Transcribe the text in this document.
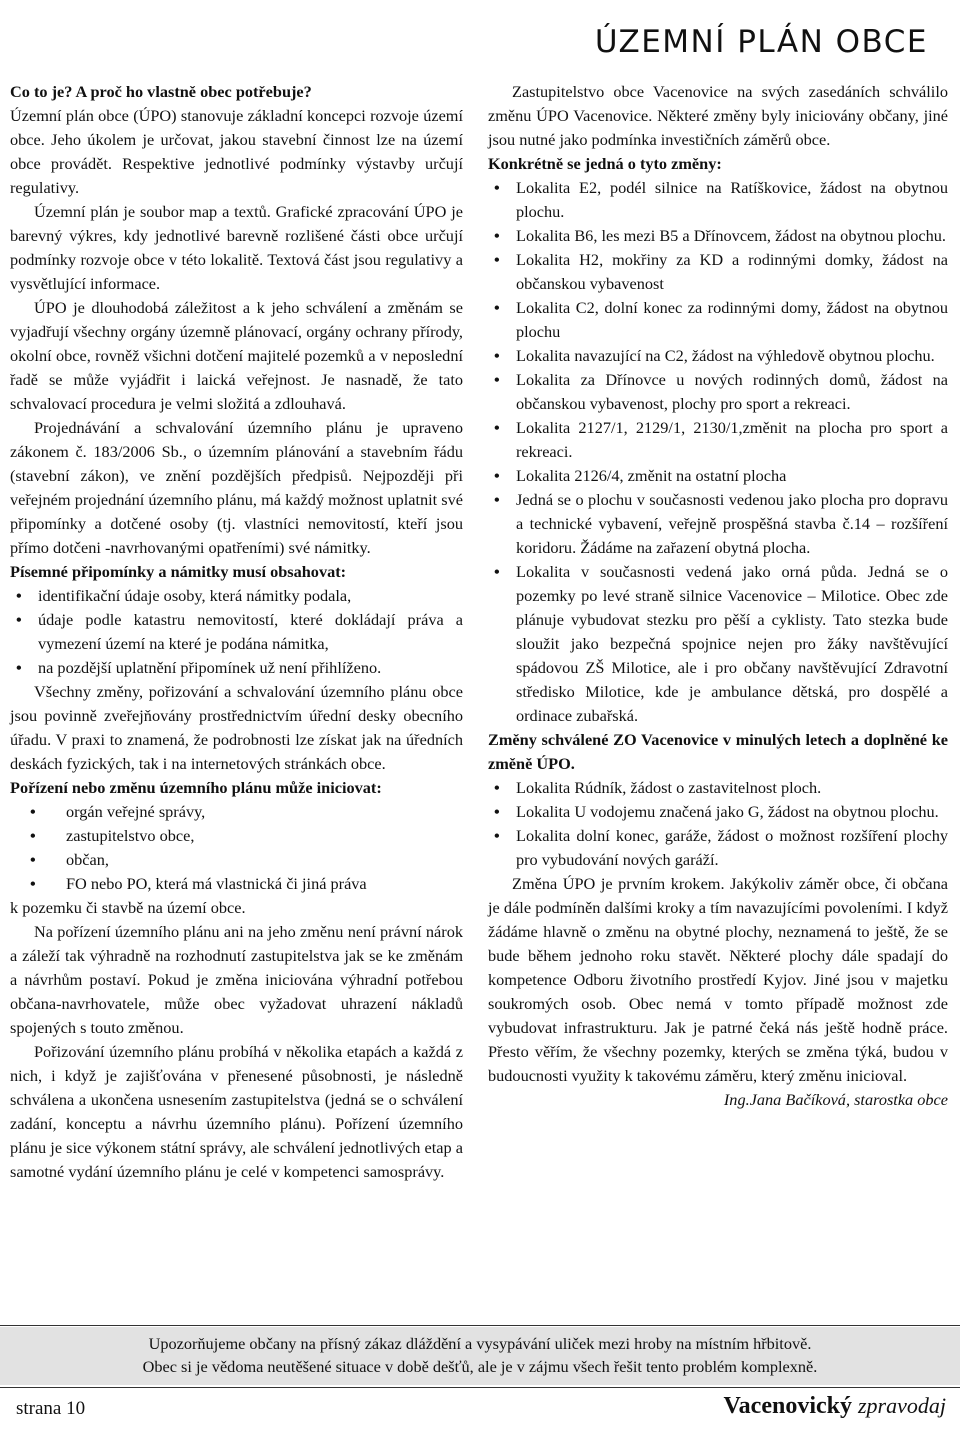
ÚZEMNÍ PLÁN OBCE

Co to je? A proč ho vlastně obec potřebuje?

Územní plán obce (ÚPO) stanovuje základní koncepci rozvoje území obce. Jeho úkolem je určovat, jakou stavební činnost lze na území obce provádět. Respektive jednotlivé podmínky výstavby určují regulativy.

Územní plán je soubor map a textů. Grafické zpracování ÚPO je barevný výkres, kdy jednotlivé barevně rozlišené části obce určují podmínky rozvoje obce v této lokalitě. Textová část jsou regulativy a vysvětlující informace.

ÚPO je dlouhodobá záležitost a k jeho schválení a změnám se vyjadřují všechny orgány územně plánovací, orgány ochrany přírody, okolní obce, rovněž všichni dotčení majitelé pozemků a v neposlední řadě se může vyjádřit i laická veřejnost. Je nasnadě, že tato schvalovací procedura je velmi složitá a zdlouhavá.

Projednávání a schvalování územního plánu je upraveno zákonem č. 183/2006 Sb., o územním plánování a stavebním řádu (stavební zákon), ve znění pozdějších předpisů. Nejpozději při veřejném projednání územního plánu, má každý možnost uplatnit své připomínky a dotčené osoby (tj. vlastníci nemovitostí, kteří jsou přímo dotčeni -navrhovanými opatřeními) své námitky.

Písemné připomínky a námitky musí obsahovat:

• identifikační údaje osoby, která námitky podala,
• údaje podle katastru nemovitostí, které dokládají práva a vymezení území na které je podána námitka,
• na pozdější uplatnění připomínek už není přihlíženo.

Všechny změny, pořizování a schvalování územního plánu obce jsou povinně zveřejňovány prostřednictvím úřední desky obecního úřadu. V praxi to znamená, že podrobnosti lze získat jak na úředních deskách fyzických, tak i na internetových stránkách obce.

Pořízení nebo změnu územního plánu může iniciovat:

• orgán veřejné správy,
• zastupitelstvo obce,
• občan,
• FO nebo PO, která má vlastnická či jiná práva

k pozemku či stavbě na území obce.

Na pořízení územního plánu ani na jeho změnu není právní nárok a záleží tak výhradně na rozhodnutí zastupitelstva jak se ke změnám a návrhům postaví. Pokud je změna iniciována výhradní potřebou občana-navrhovatele, může obec vyžadovat uhrazení nákladů spojených s touto změnou.

Pořizování územního plánu probíhá v několika etapách a každá z nich, i když je zajišťována v přenesené působnosti, je následně schválena a ukončena usnesením zastupitelstva (jedná se o schválení zadání, konceptu a návrhu územního plánu). Pořízení územního plánu je sice výkonem státní správy, ale schválení jednotlivých etap a samotné vydání územního plánu je celé v kompetenci samosprávy.

Zastupitelstvo obce Vacenovice na svých zasedáních schválilo změnu ÚPO Vacenovice. Některé změny byly iniciovány občany, jiné jsou nutné jako podmínka investičních záměrů obce.

Konkrétně se jedná o tyto změny:

• Lokalita E2, podél silnice na Ratíškovice, žádost na obytnou plochu.
• Lokalita B6, les mezi B5 a Dřínovcem, žádost na obytnou plochu.
• Lokalita H2, mokřiny za KD a rodinnými domky, žádost na občanskou vybavenost
• Lokalita C2, dolní konec za rodinnými domy, žádost na obytnou plochu
• Lokalita navazující na C2, žádost na výhledově obytnou plochu.
• Lokalita za Dřínovce u nových rodinných domů, žádost na občanskou vybavenost, plochy pro sport a rekreaci.
• Lokalita 2127/1, 2129/1, 2130/1,změnit na plocha pro sport a rekreaci.
• Lokalita 2126/4, změnit na ostatní plocha
• Jedná se o plochu v současnosti vedenou jako plocha pro dopravu a technické vybavení, veřejně prospěšná stavba č.14 – rozšíření koridoru. Žádáme na zařazení obytná plocha.
• Lokalita v současnosti vedená jako orná půda. Jedná se o pozemky po levé straně silnice Vacenovice – Milotice. Obec zde plánuje vybudovat stezku pro pěší a cyklisty. Tato stezka bude sloužit jako bezpečná spojnice nejen pro žáky navštěvující spádovou ZŠ Milotice, ale i pro občany navštěvující Zdravotní středisko Milotice, kde je ambulance dětská, pro dospělé a ordinace zubařská.

Změny schválené ZO Vacenovice v minulých letech a doplněné ke změně ÚPO.

• Lokalita Rúdník, žádost o zastavitelnost ploch.
• Lokalita U vodojemu značená jako G, žádost na obytnou plochu.
• Lokalita dolní konec, garáže, žádost o možnost rozšíření plochy pro vybudování nových garáží.

Změna ÚPO je prvním krokem. Jakýkoliv záměr obce, či občana je dále podmíněn dalšími kroky a tím navazujícími povoleními. I když žádáme hlavně o změnu na obytné plochy, neznamená to ještě, že se bude během jednoho roku stavět. Některé plochy dále spadají do kompetence Odboru životního prostředí Kyjov. Jiné jsou v majetku soukromých osob. Obec nemá v tomto případě možnost zde vybudovat infrastrukturu. Jak je patrné čeká nás ještě hodně práce. Přesto věřím, že všechny pozemky, kterých se změna týká, budou v budoucnosti využity k takovému záměru, který změnu inicioval.

Ing.Jana Bačíková, starostka obce

Upozorňujeme občany na přísný zákaz dláždění a vysypávání uliček mezi hroby na místním hřbitově.
Obec si je vědoma neutěšené situace v době dešťů, ale je v zájmu všech řešit tento problém komplexně.
strana 10	Vacenovický zpravodaj
